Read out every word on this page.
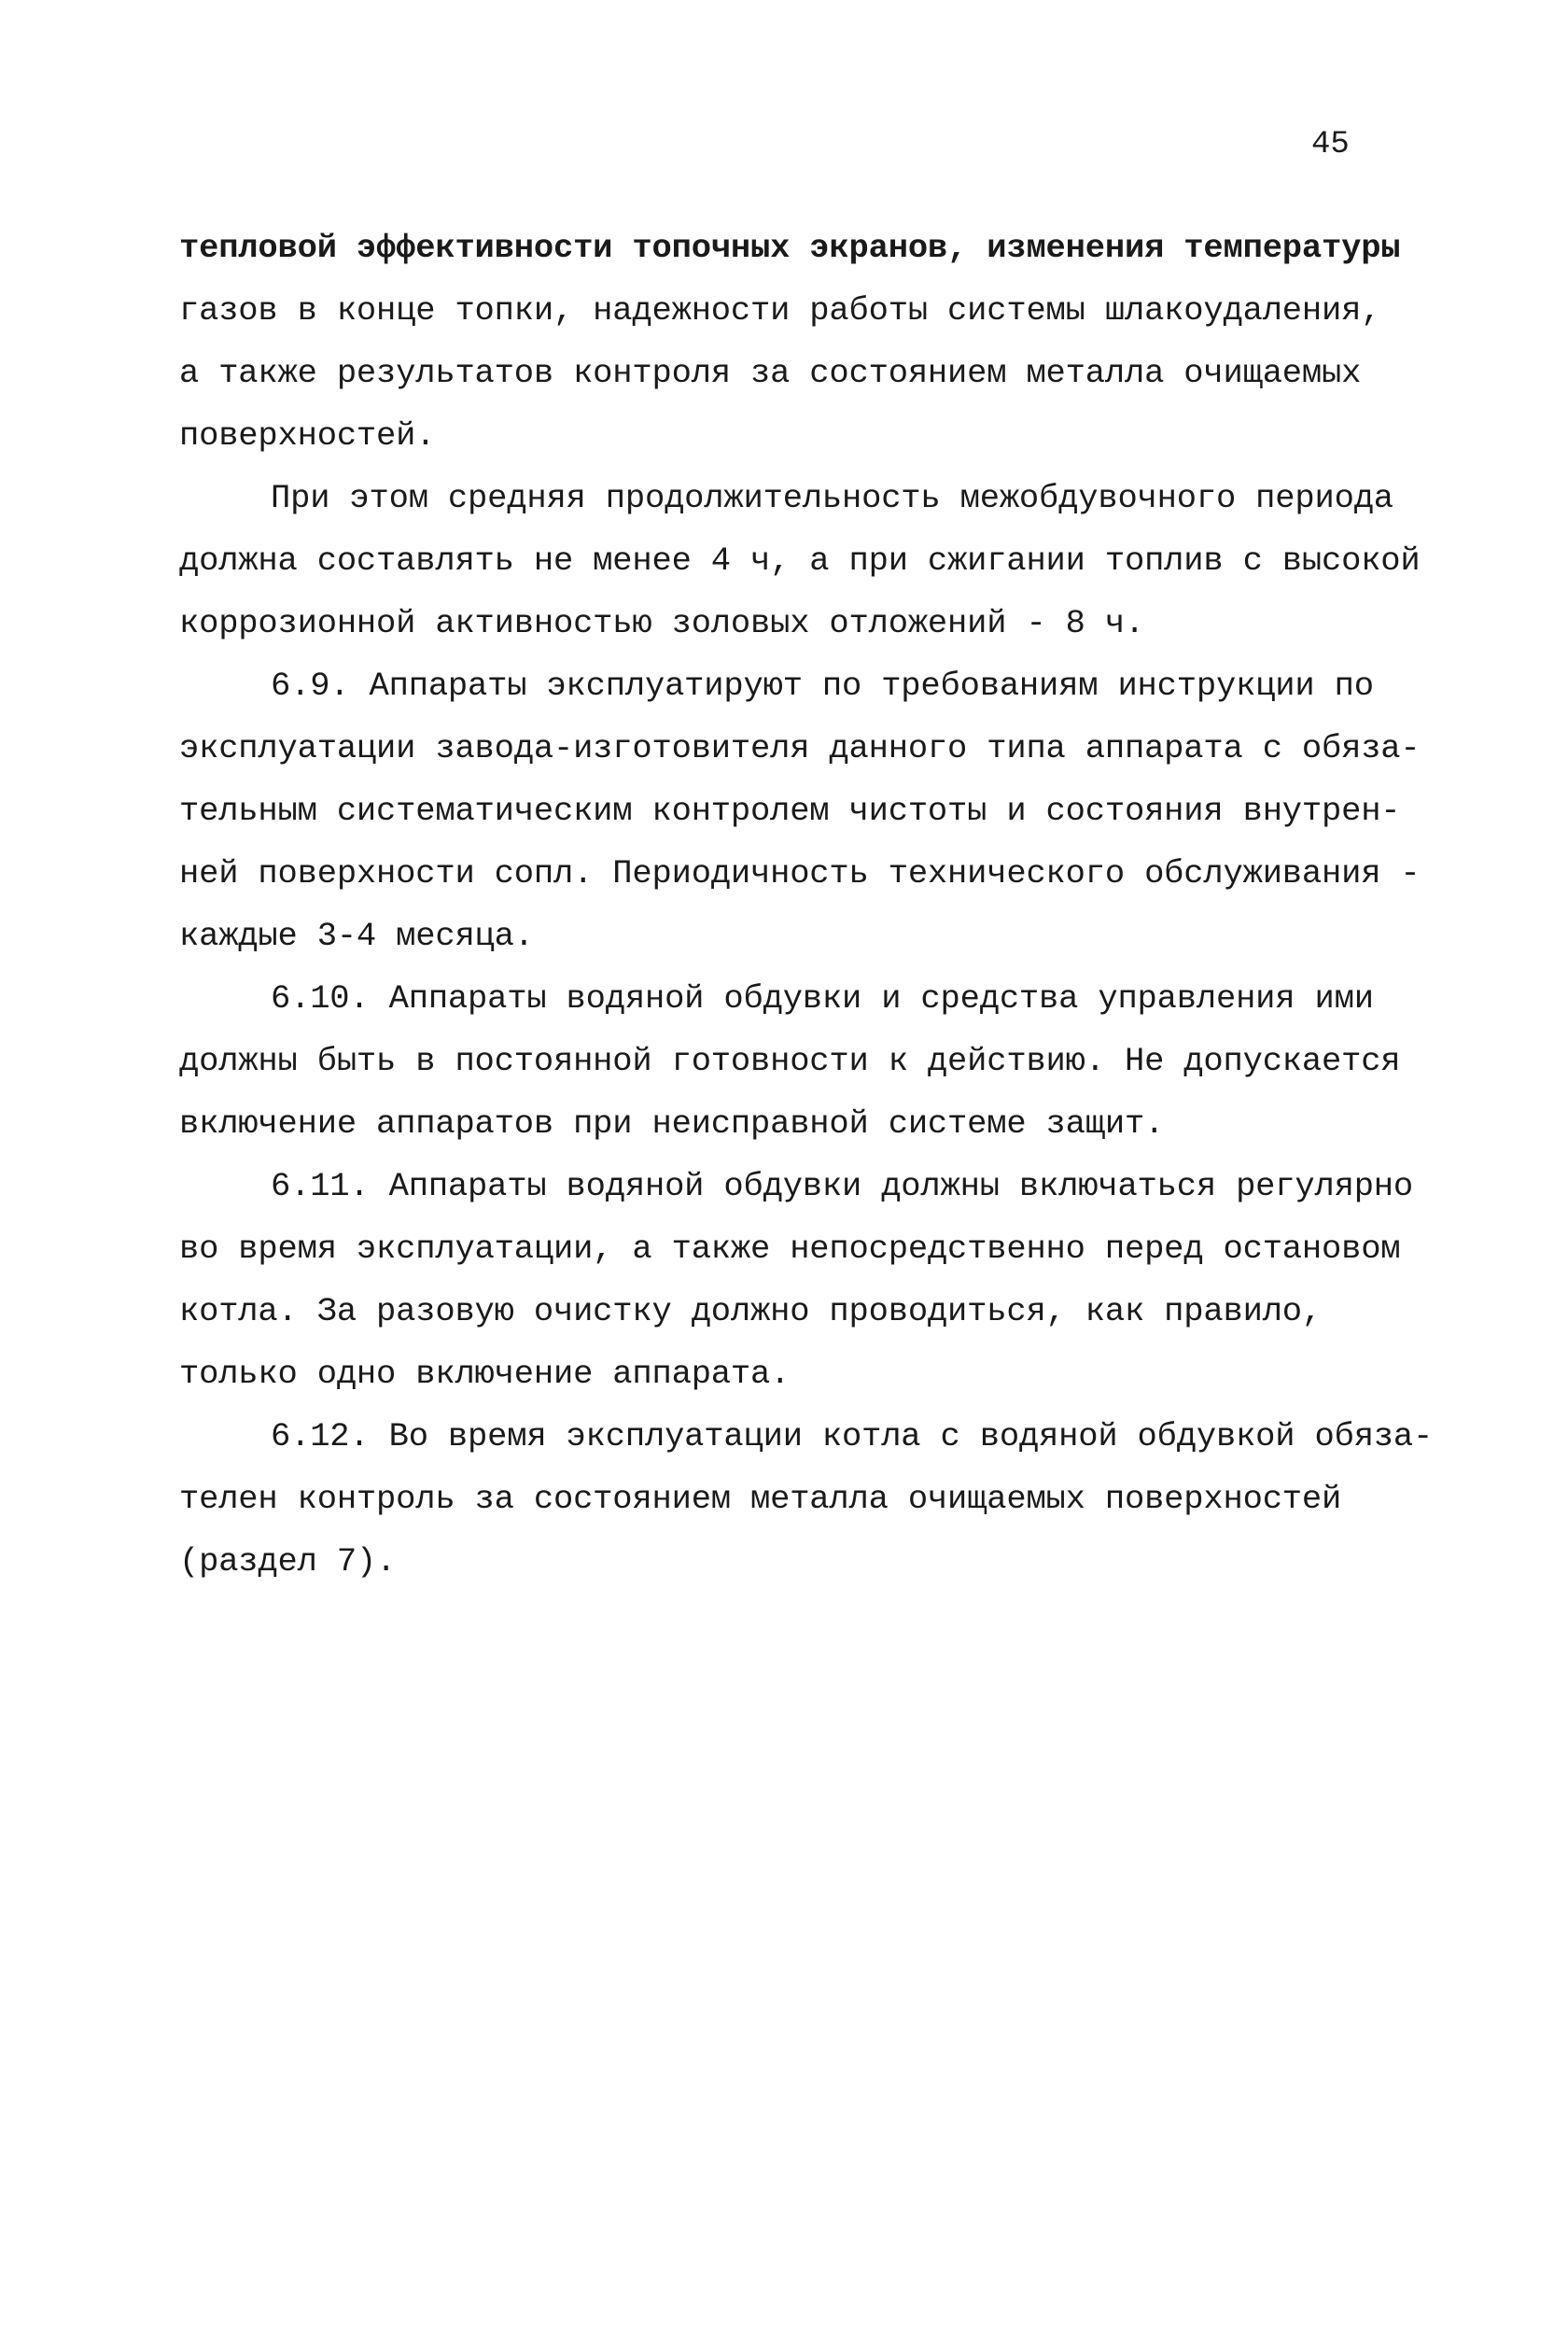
45
тепловой эффективности топочных экранов, изменения температуры
газов в конце топки, надежности работы системы шлакоудаления,
а также результатов контроля за состоянием металла очищаемых
поверхностей.
При этом средняя продолжительность межобдувочного периода
должна составлять не менее 4 ч, а при сжигании топлив с высокой
коррозионной активностью золовых отложений - 8 ч.
6.9. Аппараты эксплуатируют по требованиям инструкции по
эксплуатации завода-изготовителя данного типа аппарата с обяза-
тельным систематическим контролем чистоты и состояния внутрен-
ней поверхности сопл. Периодичность технического обслуживания -
каждые 3-4 месяца.
6.10. Аппараты водяной обдувки и средства управления ими
должны быть в постоянной готовности к действию. Не допускается
включение аппаратов при неисправной системе защит.
6.11. Аппараты водяной обдувки должны включаться регулярно
во время эксплуатации, а также непосредственно перед остановом
котла. За разовую очистку должно проводиться, как правило,
только одно включение аппарата.
6.12. Во время эксплуатации котла с водяной обдувкой обяза-
телен контроль за состоянием металла очищаемых поверхностей
(раздел 7).
